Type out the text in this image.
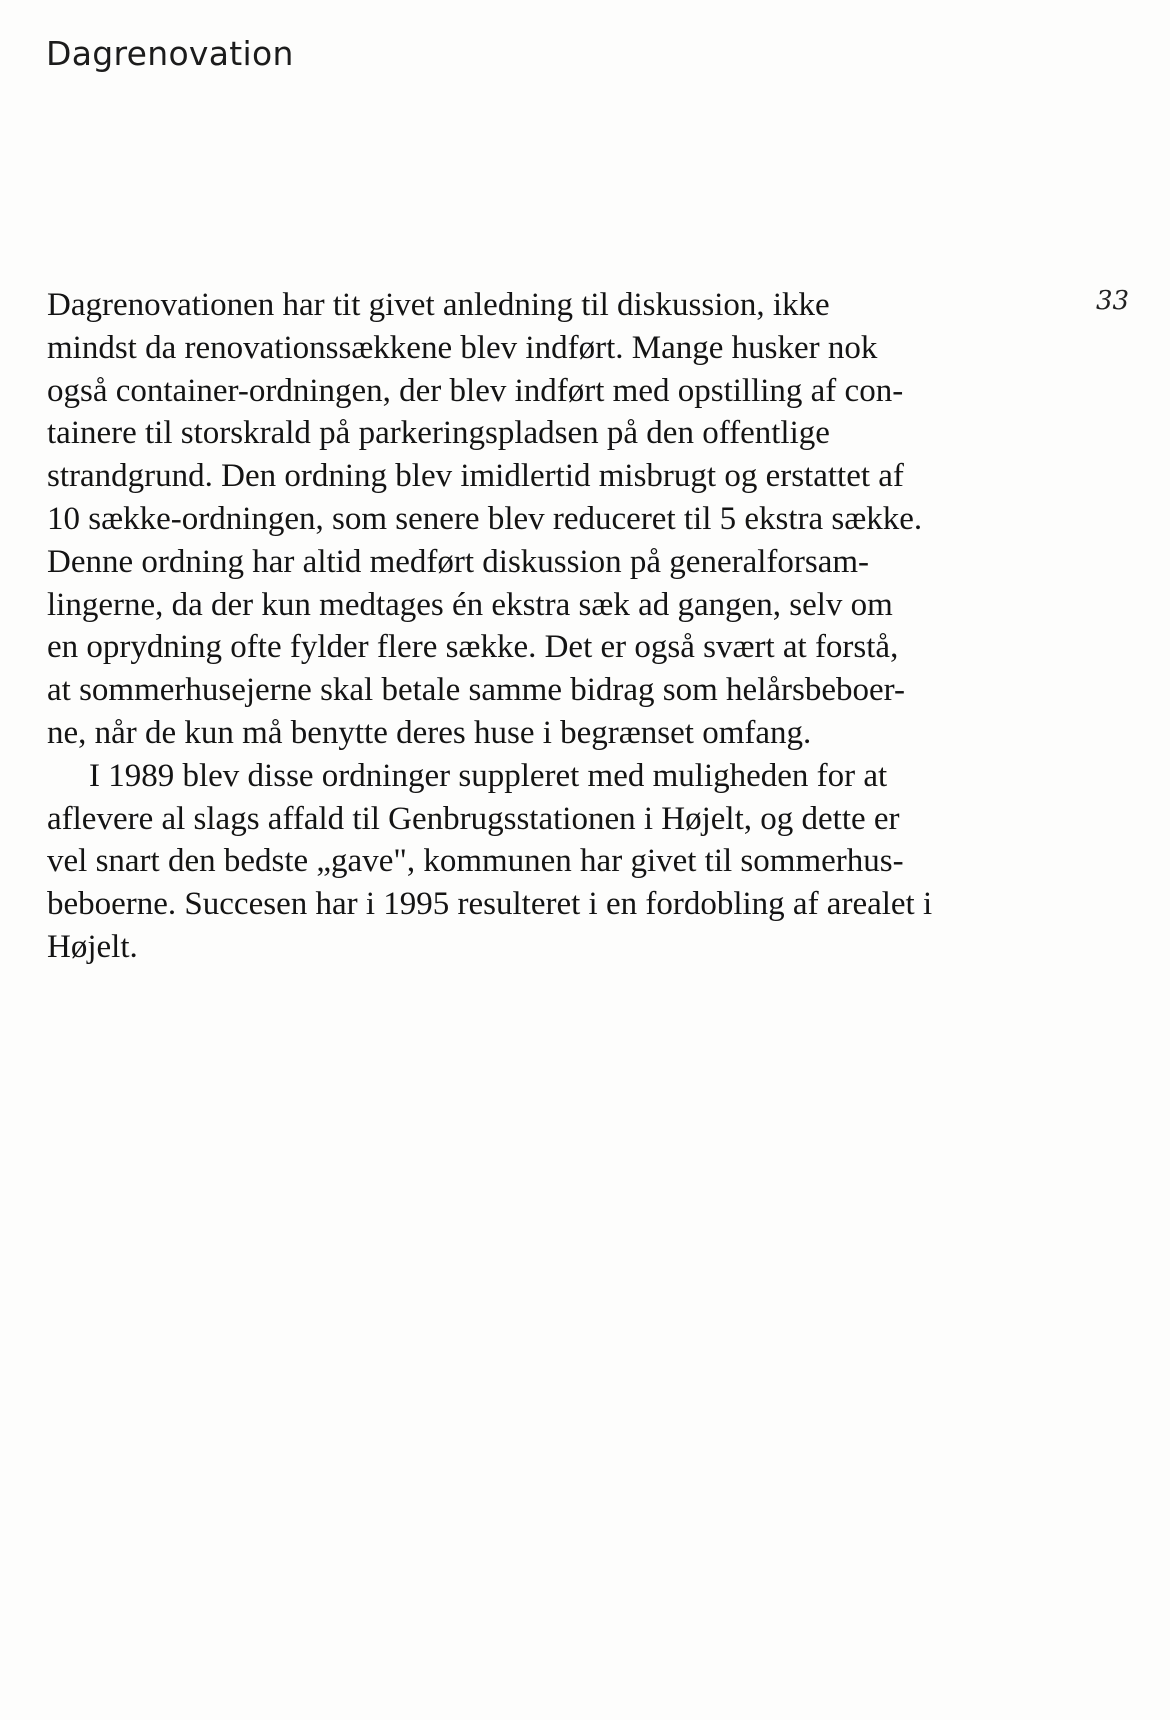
Dagrenovation
33
Dagrenovationen har tit givet anledning til diskussion, ikke
mindst da renovationssækkene blev indført. Mange husker nok
også container-ordningen, der blev indført med opstilling af con-
tainere til storskrald på parkeringspladsen på den offentlige
strandgrund. Den ordning blev imidlertid misbrugt og erstattet af
10 sække-ordningen, som senere blev reduceret til 5 ekstra sække.
Denne ordning har altid medført diskussion på generalforsam-
lingerne, da der kun medtages én ekstra sæk ad gangen, selv om
en oprydning ofte fylder flere sække. Det er også svært at forstå,
at sommerhusejerne skal betale samme bidrag som helårsbeboer-
ne, når de kun må benytte deres huse i begrænset omfang.
I 1989 blev disse ordninger suppleret med muligheden for at
aflevere al slags affald til Genbrugsstationen i Højelt, og dette er
vel snart den bedste „gave", kommunen har givet til sommerhus-
beboerne. Succesen har i 1995 resulteret i en fordobling af arealet i
Højelt.
